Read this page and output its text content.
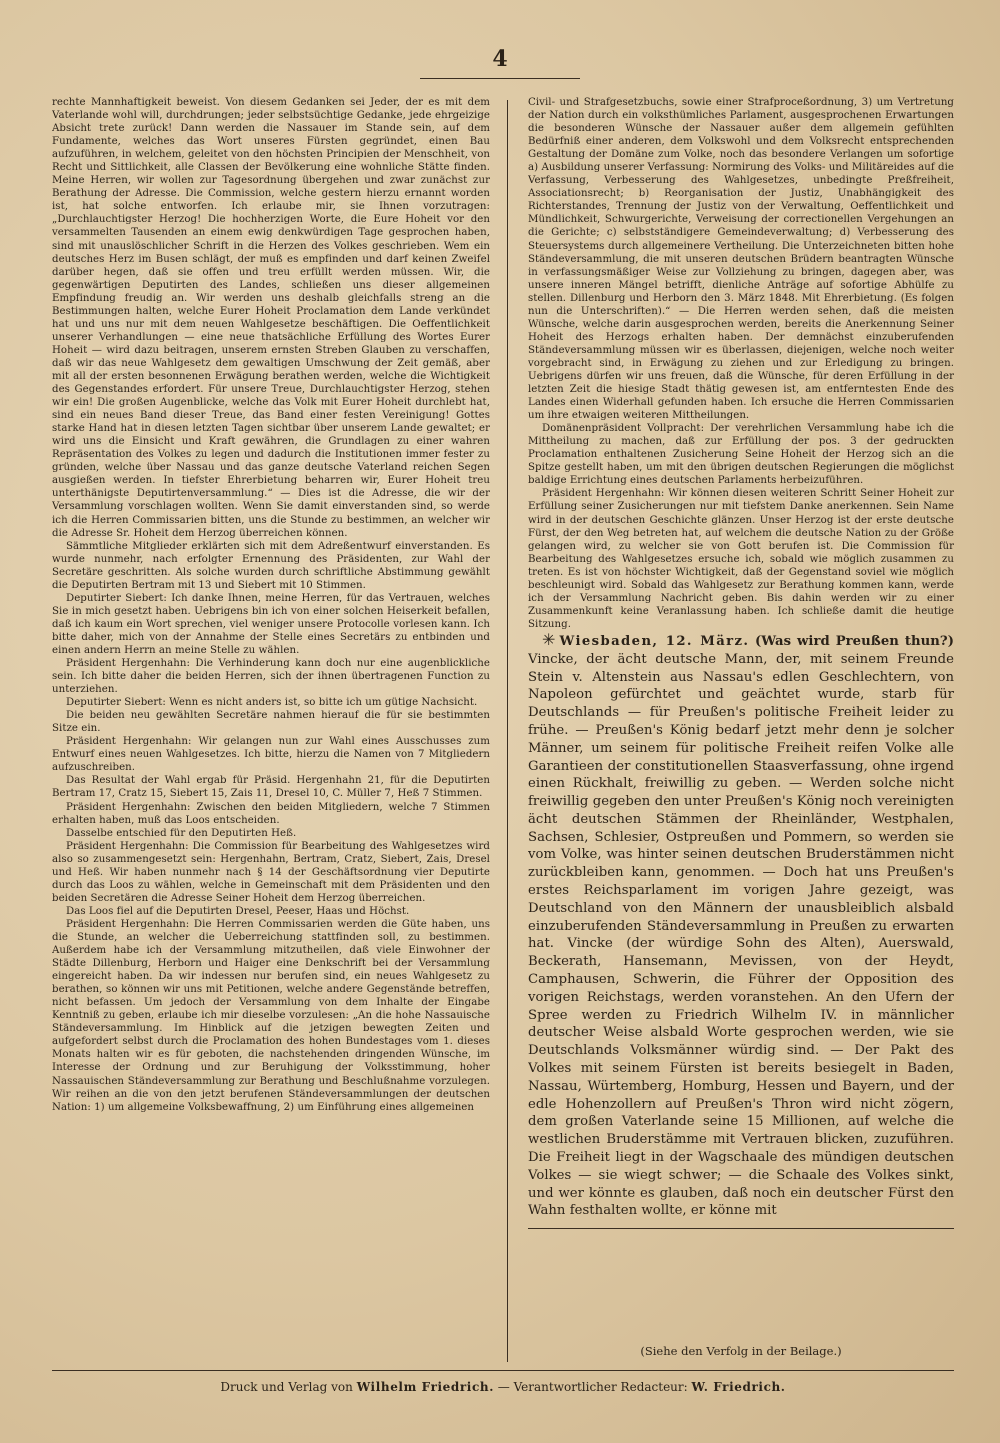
4

rechte Mannhaftigkeit beweist. Von diesem Gedanken sei Jeder, der es mit dem Vaterlande wohl will, durchdrungen; jeder selbstsüchtige Gedanke, jede ehrgeizige Absicht trete zurück! Dann werden die Nassauer im Stande sein, auf dem Fundamente, welches das Wort unseres Fürsten gegründet, einen Bau aufzuführen, in welchem, geleitet von den höchsten Principien der Menschheit, von Recht und Sittlichkeit, alle Classen der Bevölkerung eine wohnliche Stätte finden. Meine Herren, wir wollen zur Tagesordnung übergehen und zwar zunächst zur Berathung der Adresse. Die Commission, welche gestern hierzu ernannt worden ist, hat solche entworfen. Ich erlaube mir, sie Ihnen vorzutragen: „Durchlauchtigster Herzog! Die hochherzigen Worte, die Eure Hoheit vor den versammelten Tausenden an einem ewig denkwürdigen Tage gesprochen haben, sind mit unauslöschlicher Schrift in die Herzen des Volkes geschrieben. Wem ein deutsches Herz im Busen schlägt, der muß es empfinden und darf keinen Zweifel darüber hegen, daß sie offen und treu erfüllt werden müssen. Wir, die gegenwärtigen Deputirten des Landes, schließen uns dieser allgemeinen Empfindung freudig an. Wir werden uns deshalb gleichfalls streng an die Bestimmungen halten, welche Eurer Hoheit Proclamation dem Lande verkündet hat und uns nur mit dem neuen Wahlgesetze beschäftigen. Die Oeffentlichkeit unserer Verhandlungen — eine neue thatsächliche Erfüllung des Wortes Eurer Hoheit — wird dazu beitragen, unserem ernsten Streben Glauben zu verschaffen, daß wir das neue Wahlgesetz dem gewaltigen Umschwung der Zeit gemäß, aber mit all der ersten besonnenen Erwägung berathen werden, welche die Wichtigkeit des Gegenstandes erfordert. Für unsere Treue, Durchlauchtigster Herzog, stehen wir ein! Die großen Augenblicke, welche das Volk mit Eurer Hoheit durchlebt hat, sind ein neues Band dieser Treue, das Band einer festen Vereinigung! Gottes starke Hand hat in diesen letzten Tagen sichtbar über unserem Lande gewaltet; er wird uns die Einsicht und Kraft gewähren, die Grundlagen zu einer wahren Repräsentation des Volkes zu legen und dadurch die Institutionen immer fester zu gründen, welche über Nassau und das ganze deutsche Vaterland reichen Segen ausgießen werden. In tiefster Ehrerbietung beharren wir, Eurer Hoheit treu unterthänigste Deputirtenversammlung.“ — Dies ist die Adresse, die wir der Versammlung vorschlagen wollten. Wenn Sie damit einverstanden sind, so werde ich die Herren Commissarien bitten, uns die Stunde zu bestimmen, an welcher wir die Adresse Sr. Hoheit dem Herzog überreichen können.

Sämmtliche Mitglieder erklärten sich mit dem Adreßentwurf einverstanden. Es wurde nunmehr, nach erfolgter Ernennung des Präsidenten, zur Wahl der Secretäre geschritten. Als solche wurden durch schriftliche Abstimmung gewählt die Deputirten Bertram mit 13 und Siebert mit 10 Stimmen.

Deputirter Siebert: Ich danke Ihnen, meine Herren, für das Vertrauen, welches Sie in mich gesetzt haben. Uebrigens bin ich von einer solchen Heiserkeit befallen, daß ich kaum ein Wort sprechen, viel weniger unsere Protocolle vorlesen kann. Ich bitte daher, mich von der Annahme der Stelle eines Secretärs zu entbinden und einen andern Herrn an meine Stelle zu wählen.

Präsident Hergenhahn: Die Verhinderung kann doch nur eine augenblickliche sein. Ich bitte daher die beiden Herren, sich der ihnen übertragenen Function zu unterziehen.

Deputirter Siebert: Wenn es nicht anders ist, so bitte ich um gütige Nachsicht.

Die beiden neu gewählten Secretäre nahmen hierauf die für sie bestimmten Sitze ein.

Präsident Hergenhahn: Wir gelangen nun zur Wahl eines Ausschusses zum Entwurf eines neuen Wahlgesetzes. Ich bitte, hierzu die Namen von 7 Mitgliedern aufzuschreiben.

Das Resultat der Wahl ergab für Präsid. Hergenhahn 21, für die Deputirten Bertram 17, Cratz 15, Siebert 15, Zais 11, Dresel 10, C. Müller 7, Heß 7 Stimmen.

Präsident Hergenhahn: Zwischen den beiden Mitgliedern, welche 7 Stimmen erhalten haben, muß das Loos entscheiden.

Dasselbe entschied für den Deputirten Heß.

Präsident Hergenhahn: Die Commission für Bearbeitung des Wahlgesetzes wird also so zusammengesetzt sein: Hergenhahn, Bertram, Cratz, Siebert, Zais, Dresel und Heß. Wir haben nunmehr nach § 14 der Geschäftsordnung vier Deputirte durch das Loos zu wählen, welche in Gemeinschaft mit dem Präsidenten und den beiden Secretären die Adresse Seiner Hoheit dem Herzog überreichen.

Das Loos fiel auf die Deputirten Dresel, Peeser, Haas und Höchst.

Präsident Hergenhahn: Die Herren Commissarien werden die Güte haben, uns die Stunde, an welcher die Ueberreichung stattfinden soll, zu bestimmen. Außerdem habe ich der Versammlung mitzutheilen, daß viele Einwohner der Städte Dillenburg, Herborn und Haiger eine Denkschrift bei der Versammlung eingereicht haben. Da wir indessen nur berufen sind, ein neues Wahlgesetz zu berathen, so können wir uns mit Petitionen, welche andere Gegenstände betreffen, nicht befassen. Um jedoch der Versammlung von dem Inhalte der Eingabe Kenntniß zu geben, erlaube ich mir dieselbe vorzulesen: „An die hohe Nassauische Ständeversammlung. Im Hinblick auf die jetzigen bewegten Zeiten und aufgefordert selbst durch die Proclamation des hohen Bundestages vom 1. dieses Monats halten wir es für geboten, die nachstehenden dringenden Wünsche, im Interesse der Ordnung und zur Beruhigung der Volksstimmung, hoher Nassauischen Ständeversammlung zur Berathung und Beschlußnahme vorzulegen. Wir reihen an die von den jetzt berufenen Ständeversammlungen der deutschen Nation: 1) um allgemeine Volksbewaffnung, 2) um Einführung eines allgemeinen

Civil- und Strafgesetzbuchs, sowie einer Strafproceßordnung, 3) um Vertretung der Nation durch ein volksthümliches Parlament, ausgesprochenen Erwartungen die besonderen Wünsche der Nassauer außer dem allgemein gefühlten Bedürfniß einer anderen, dem Volkswohl und dem Volksrecht entsprechenden Gestaltung der Domäne zum Volke, noch das besondere Verlangen um sofortige a) Ausbildung unserer Verfassung: Normirung des Volks- und Militäreides auf die Verfassung, Verbesserung des Wahlgesetzes, unbedingte Preßfreiheit, Associationsrecht; b) Reorganisation der Justiz, Unabhängigkeit des Richterstandes, Trennung der Justiz von der Verwaltung, Oeffentlichkeit und Mündlichkeit, Schwurgerichte, Verweisung der correctionellen Vergehungen an die Gerichte; c) selbstständigere Gemeindeverwaltung; d) Verbesserung des Steuersystems durch allgemeinere Vertheilung. Die Unterzeichneten bitten hohe Ständeversammlung, die mit unseren deutschen Brüdern beantragten Wünsche in verfassungsmäßiger Weise zur Vollziehung zu bringen, dagegen aber, was unsere inneren Mängel betrifft, dienliche Anträge auf sofortige Abhülfe zu stellen. Dillenburg und Herborn den 3. März 1848. Mit Ehrerbietung. (Es folgen nun die Unterschriften).“ — Die Herren werden sehen, daß die meisten Wünsche, welche darin ausgesprochen werden, bereits die Anerkennung Seiner Hoheit des Herzogs erhalten haben. Der demnächst einzuberufenden Ständeversammlung müssen wir es überlassen, diejenigen, welche noch weiter vorgebracht sind, in Erwägung zu ziehen und zur Erledigung zu bringen. Uebrigens dürfen wir uns freuen, daß die Wünsche, für deren Erfüllung in der letzten Zeit die hiesige Stadt thätig gewesen ist, am entferntesten Ende des Landes einen Widerhall gefunden haben. Ich ersuche die Herren Commissarien um ihre etwaigen weiteren Mittheilungen.

Domänenpräsident Vollpracht: Der verehrlichen Versammlung habe ich die Mittheilung zu machen, daß zur Erfüllung der pos. 3 der gedruckten Proclamation enthaltenen Zusicherung Seine Hoheit der Herzog sich an die Spitze gestellt haben, um mit den übrigen deutschen Regierungen die möglichst baldige Errichtung eines deutschen Parlaments herbeizuführen.

Präsident Hergenhahn: Wir können diesen weiteren Schritt Seiner Hoheit zur Erfüllung seiner Zusicherungen nur mit tiefstem Danke anerkennen. Sein Name wird in der deutschen Geschichte glänzen. Unser Herzog ist der erste deutsche Fürst, der den Weg betreten hat, auf welchem die deutsche Nation zu der Größe gelangen wird, zu welcher sie von Gott berufen ist. Die Commission für Bearbeitung des Wahlgesetzes ersuche ich, sobald wie möglich zusammen zu treten. Es ist von höchster Wichtigkeit, daß der Gegenstand soviel wie möglich beschleunigt wird. Sobald das Wahlgesetz zur Berathung kommen kann, werde ich der Versammlung Nachricht geben. Bis dahin werden wir zu einer Zusammenkunft keine Veranlassung haben. Ich schließe damit die heutige Sitzung.

✳ Wiesbaden, 12. März. (Was wird Preußen thun?) Vincke, der ächt deutsche Mann, der, mit seinem Freunde Stein v. Altenstein aus Nassau's edlen Geschlechtern, von Napoleon gefürchtet und geächtet wurde, starb für Deutschlands — für Preußen's politische Freiheit leider zu frühe. — Preußen's König bedarf jetzt mehr denn je solcher Männer, um seinem für politische Freiheit reifen Volke alle Garantieen der constitutionellen Staasverfassung, ohne irgend einen Rückhalt, freiwillig zu geben. — Werden solche nicht freiwillig gegeben den unter Preußen's König noch vereinigten ächt deutschen Stämmen der Rheinländer, Westphalen, Sachsen, Schlesier, Ostpreußen und Pommern, so werden sie vom Volke, was hinter seinen deutschen Bruderstämmen nicht zurückbleiben kann, genommen. — Doch hat uns Preußen's erstes Reichsparlament im vorigen Jahre gezeigt, was Deutschland von den Männern der unausbleiblich alsbald einzuberufenden Ständeversammlung in Preußen zu erwarten hat. Vincke (der würdige Sohn des Alten), Auerswald, Beckerath, Hansemann, Mevissen, von der Heydt, Camphausen, Schwerin, die Führer der Opposition des vorigen Reichstags, werden voranstehen. An den Ufern der Spree werden zu Friedrich Wilhelm IV. in männlicher deutscher Weise alsbald Worte gesprochen werden, wie sie Deutschlands Volksmänner würdig sind. — Der Pakt des Volkes mit seinem Fürsten ist bereits besiegelt in Baden, Nassau, Würtemberg, Homburg, Hessen und Bayern, und der edle Hohenzollern auf Preußen's Thron wird nicht zögern, dem großen Vaterlande seine 15 Millionen, auf welche die westlichen Bruderstämme mit Vertrauen blicken, zuzuführen. Die Freiheit liegt in der Wagschaale des mündigen deutschen Volkes — sie wiegt schwer; — die Schaale des Volkes sinkt, und wer könnte es glauben, daß noch ein deutscher Fürst den Wahn festhalten wollte, er könne mit

(Siehe den Verfolg in der Beilage.)
Druck und Verlag von Wilhelm Friedrich. — Verantwortlicher Redacteur: W. Friedrich.
